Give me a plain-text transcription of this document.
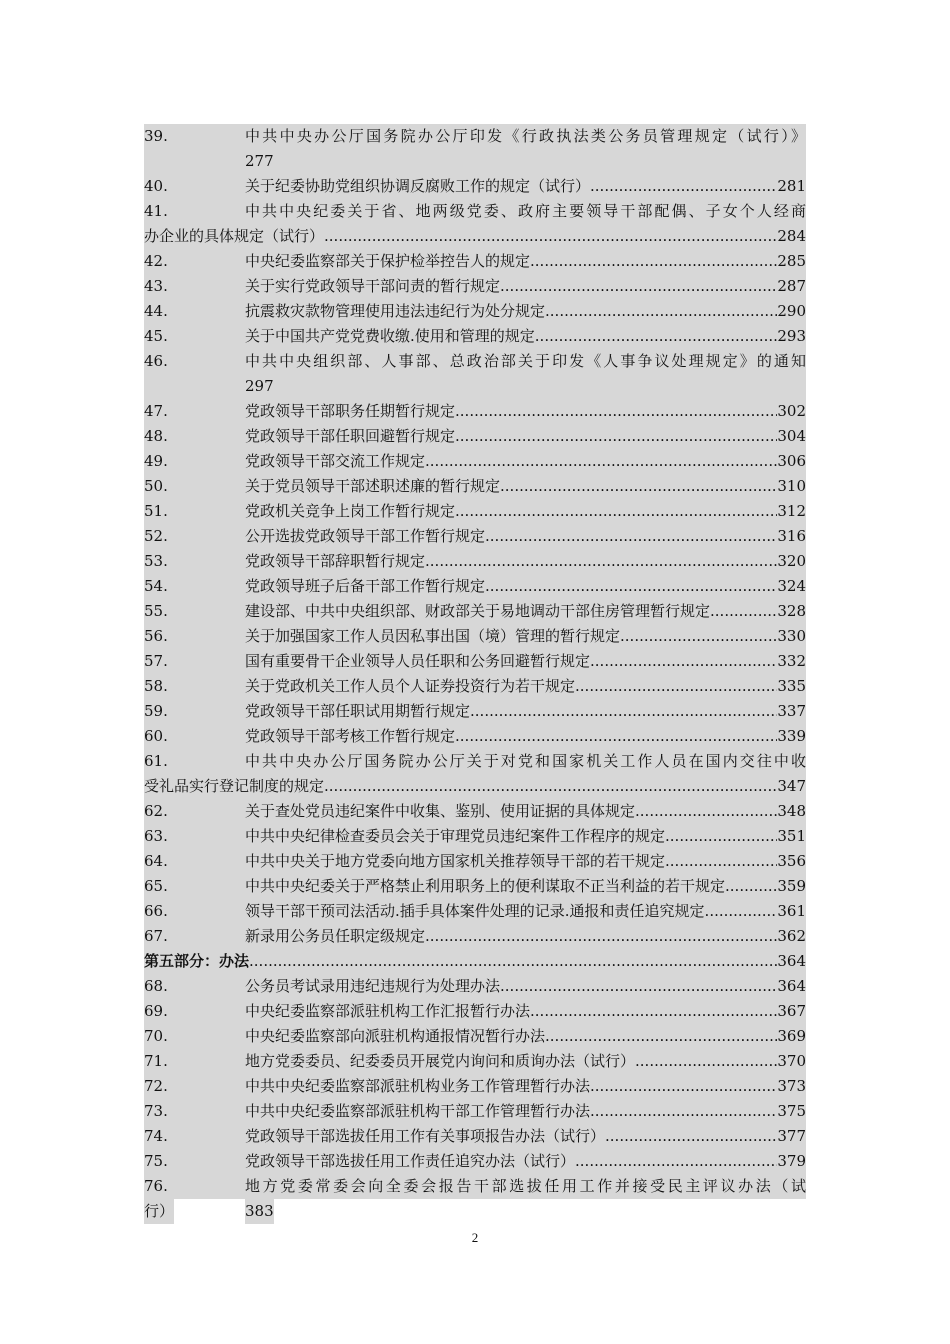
39.	中共中央办公厅国务院办公厅印发《行政执法类公务员管理规定（试行）》
277
40.	关于纪委协助党组织协调反腐败工作的规定（试行） .....	281
41.	中共中央纪委关于省、地两级党委、政府主要领导干部配偶、子女个人经商
办企业的具体规定（试行） .....	284
42.	中央纪委监察部关于保护检举控告人的规定 .....	285
43.	关于实行党政领导干部问责的暂行规定 .....	287
44.	抗震救灾款物管理使用违法违纪行为处分规定 .....	290
45.	关于中国共产党党费收缴.使用和管理的规定 .....	293
46.	中共中央组织部、人事部、总政治部关于印发《人事争议处理规定》的通知
297
47.	党政领导干部职务任期暂行规定 .....	302
48.	党政领导干部任职回避暂行规定 .....	304
49.	党政领导干部交流工作规定 .....	306
50.	关于党员领导干部述职述廉的暂行规定 .....	310
51.	党政机关竞争上岗工作暂行规定 .....	312
52.	公开选拔党政领导干部工作暂行规定 .....	316
53.	党政领导干部辞职暂行规定 .....	320
54.	党政领导班子后备干部工作暂行规定 .....	324
55.	建设部、中共中央组织部、财政部关于易地调动干部住房管理暂行规定 .....	328
56.	关于加强国家工作人员因私事出国（境）管理的暂行规定 .....	330
57.	国有重要骨干企业领导人员任职和公务回避暂行规定 .....	332
58.	关于党政机关工作人员个人证券投资行为若干规定 .....	335
59.	党政领导干部任职试用期暂行规定 .....	337
60.	党政领导干部考核工作暂行规定 .....	339
61.	中共中央办公厅国务院办公厅关于对党和国家机关工作人员在国内交往中收
受礼品实行登记制度的规定 .....	347
62.	关于查处党员违纪案件中收集、鉴别、使用证据的具体规定 .....	348
63.	中共中央纪律检查委员会关于审理党员违纪案件工作程序的规定 .....	351
64.	中共中央关于地方党委向地方国家机关推荐领导干部的若干规定 .....	356
65.	中共中央纪委关于严格禁止利用职务上的便利谋取不正当利益的若干规定 .....	359
66.	领导干部干预司法活动.插手具体案件处理的记录.通报和责任追究规定 .....	361
67.	新录用公务员任职定级规定 .....	362
第五部分：办法 .....	364
68.	公务员考试录用违纪违规行为处理办法 .....	364
69.	中央纪委监察部派驻机构工作汇报暂行办法 .....	367
70.	中央纪委监察部向派驻机构通报情况暂行办法 .....	369
71.	地方党委委员、纪委委员开展党内询问和质询办法（试行） .....	370
72.	中共中央纪委监察部派驻机构业务工作管理暂行办法 .....	373
73.	中共中央纪委监察部派驻机构干部工作管理暂行办法 .....	375
74.	党政领导干部选拔任用工作有关事项报告办法（试行） .....	377
75.	党政领导干部选拔任用工作责任追究办法（试行） .....	379
76.	地方党委常委会向全委会报告干部选拔任用工作并接受民主评议办法（试
行）	383
2
